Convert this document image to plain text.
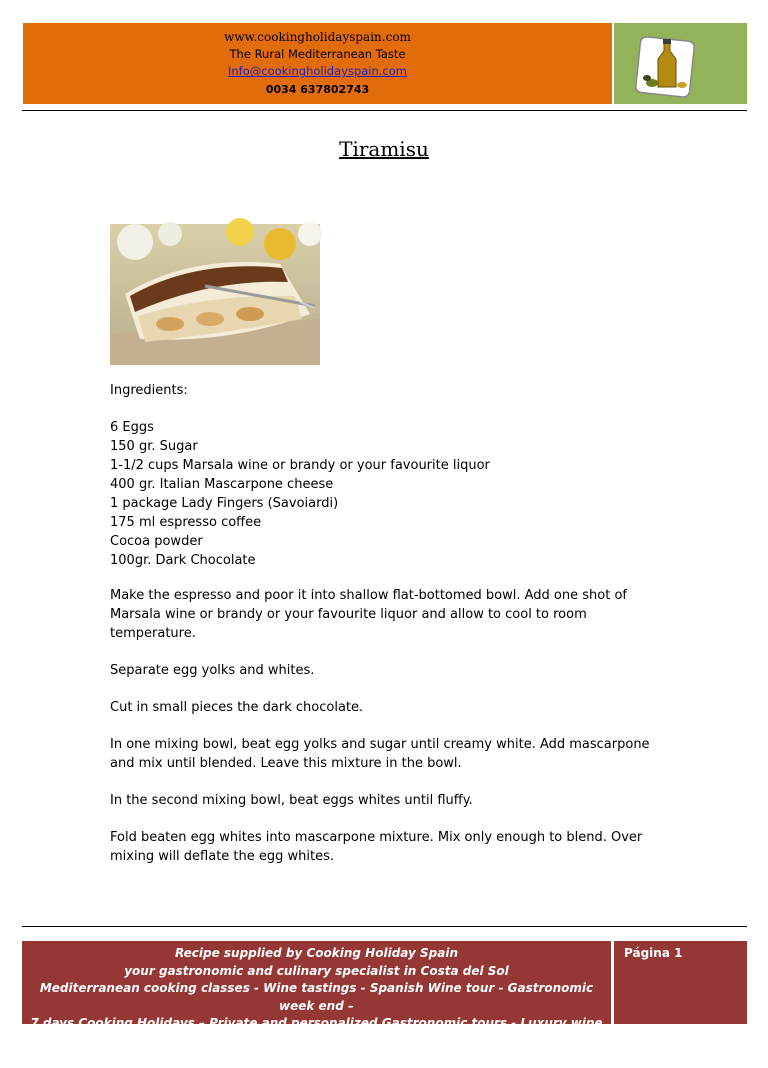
www.cookingholidayspain.com
The Rural Mediterranean Taste
Info@cookingholidayspain.com
0034 637802743
Tiramisu

Ingredients:

6 Eggs
150 gr. Sugar
1-1/2 cups Marsala wine or brandy or your favourite liquor
400 gr. Italian Mascarpone cheese
1 package Lady Fingers (Savoiardi)
175 ml espresso coffee
Cocoa powder
100gr. Dark Chocolate

Make the espresso and poor it into shallow flat-bottomed bowl. Add one shot of Marsala wine or brandy or your favourite liquor and allow to cool to room temperature.

Separate egg yolks and whites.

Cut in small pieces the dark chocolate.

In one mixing bowl, beat egg yolks and sugar until creamy white. Add mascarpone and mix until blended. Leave this mixture in the bowl.

In the second mixing bowl, beat eggs whites until fluffy.

Fold beaten egg whites into mascarpone mixture. Mix only enough to blend. Over mixing will deflate the egg whites.

Recipe supplied by Cooking Holiday Spain
your gastronomic and culinary specialist in Costa del Sol
Mediterranean cooking classes - Wine tastings - Spanish Wine tour - Gastronomic week end –
7 days Cooking Holidays – Private and personalized Gastronomic tours - Luxury wine excursions -
Tapas Tour Malaga – Jerez sherry excursion - Ronda wine tour - Private Chef Service
Página 1
